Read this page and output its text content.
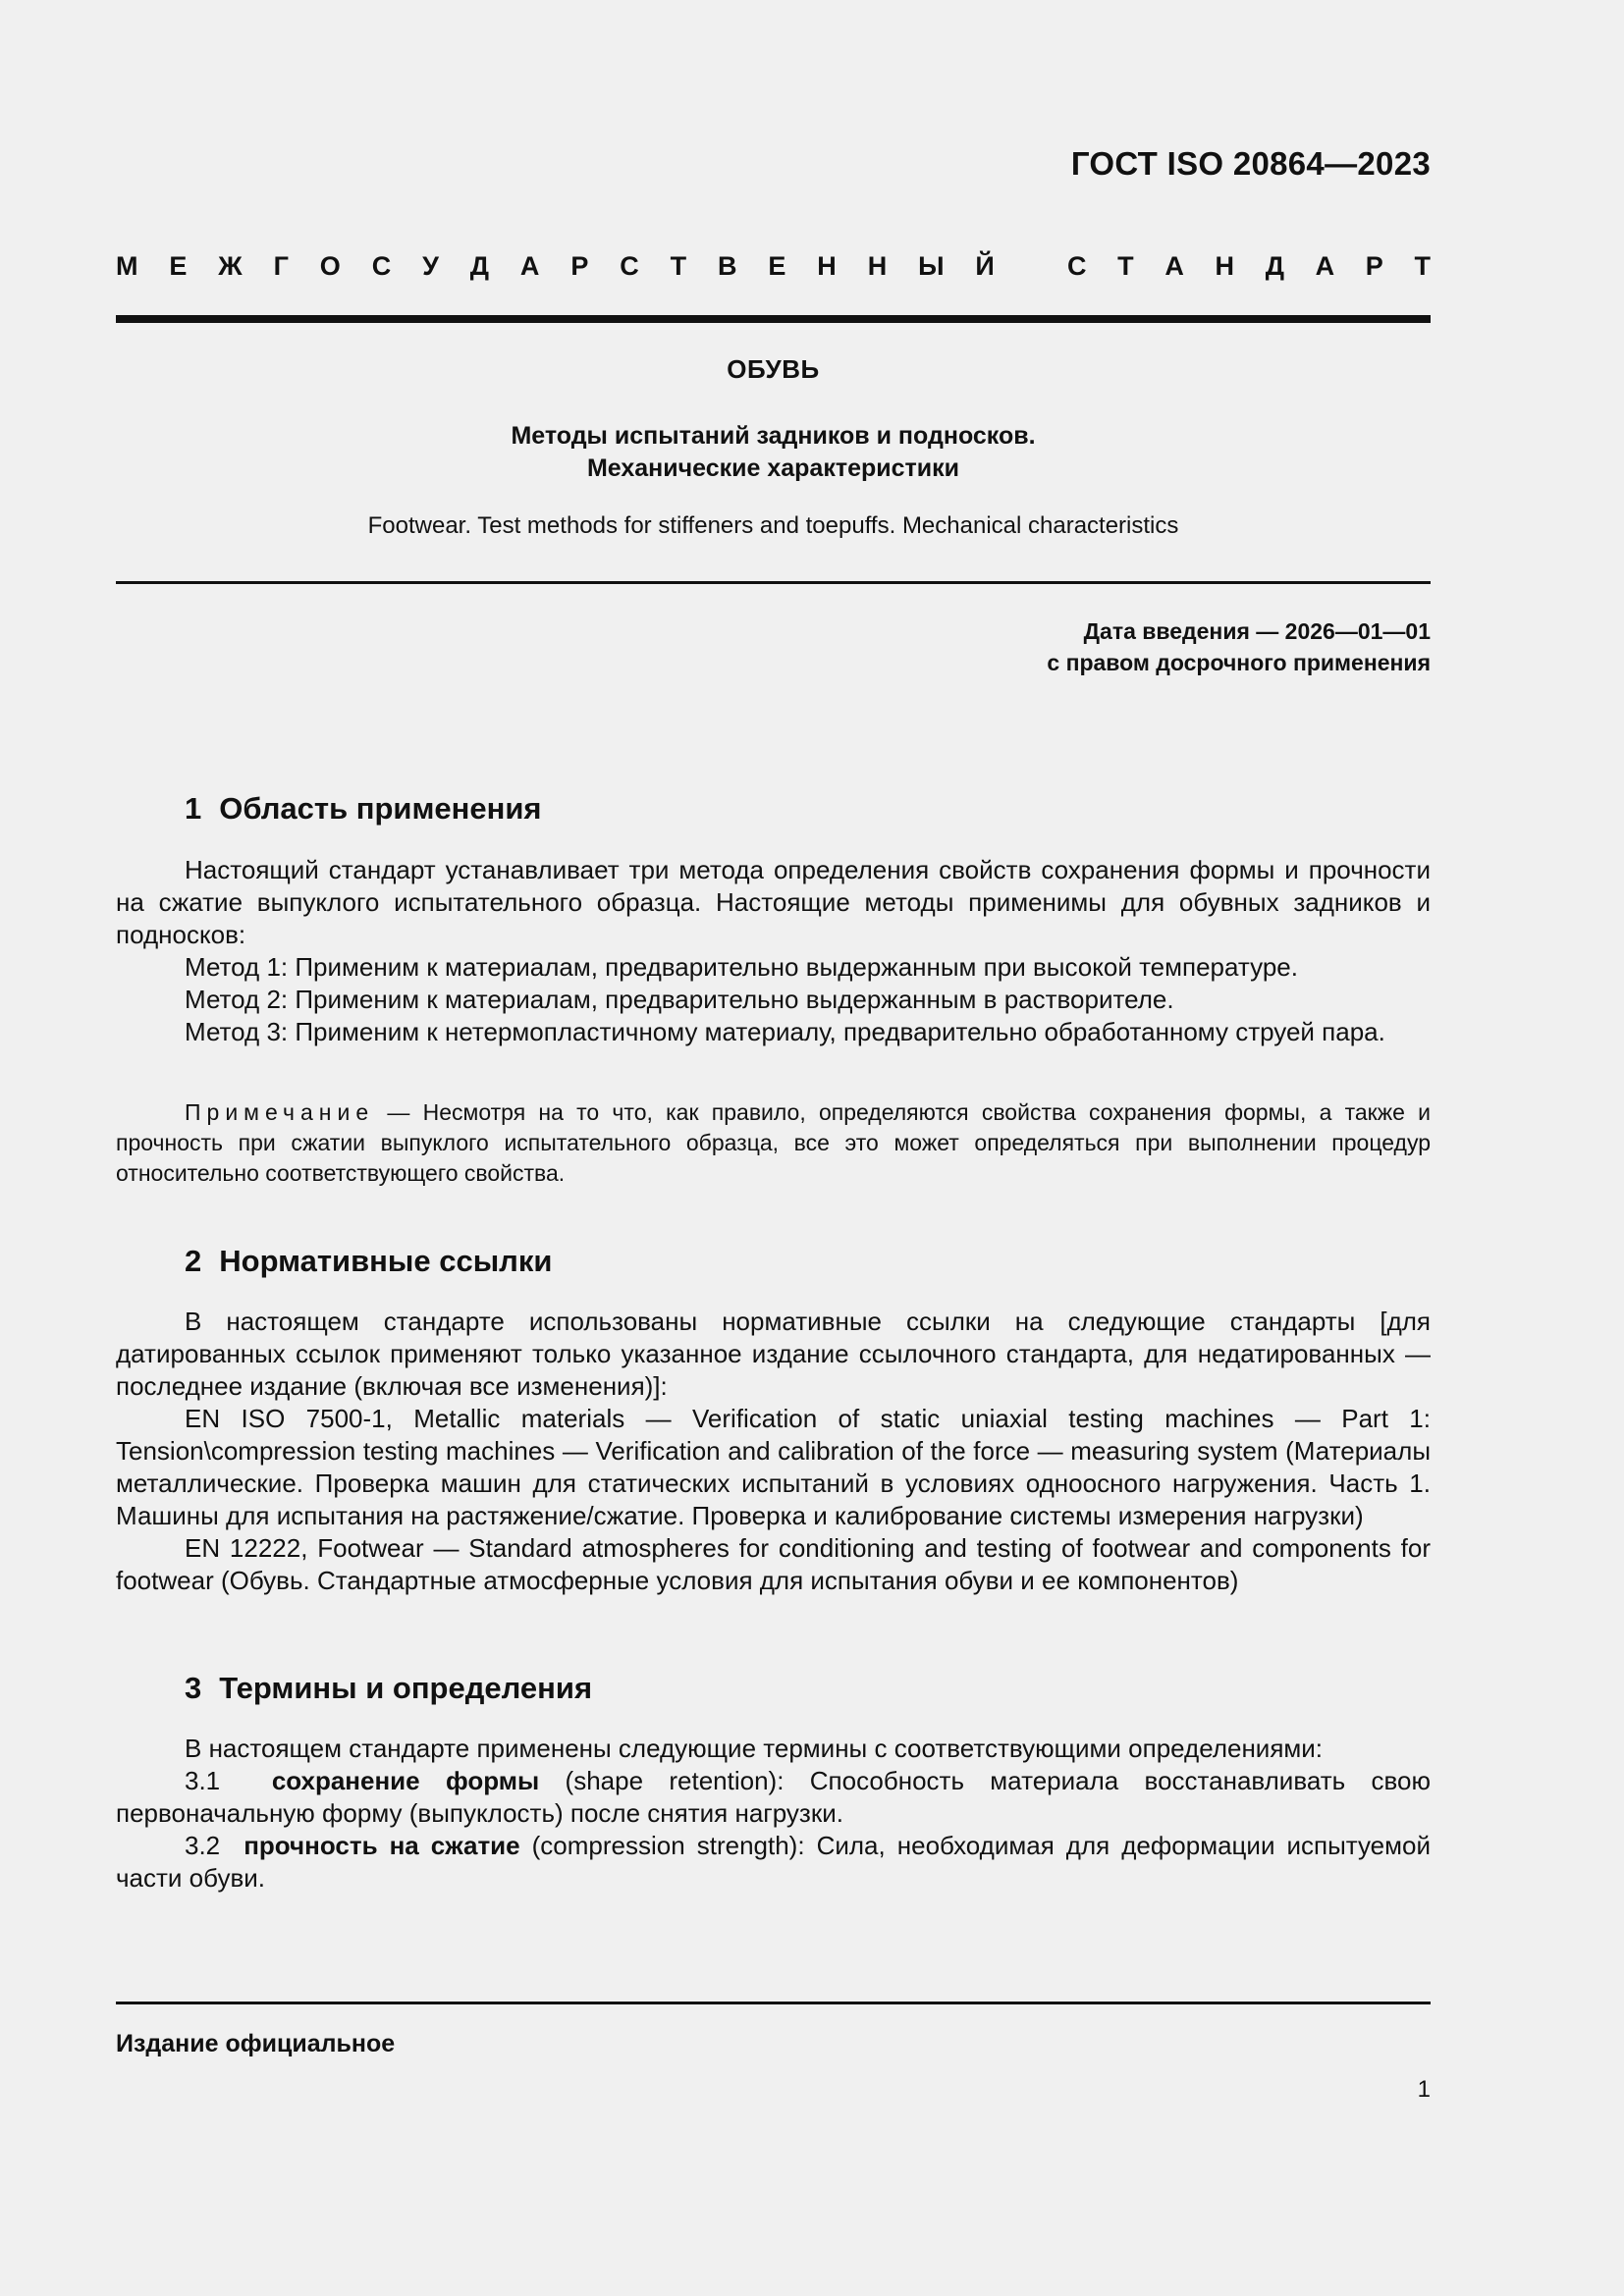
ГОСТ ISO 20864—2023
М Е Ж Г О С У Д А Р С Т В Е Н Н Ы Й	С Т А Н Д А Р Т
ОБУВЬ
Методы испытаний задников и подносков.
Механические характеристики
Footwear. Test methods for stiffeners and toepuffs. Mechanical characteristics
Дата введения — 2026—01—01
с правом досрочного применения
1 Область применения

Настоящий стандарт устанавливает три метода определения свойств сохранения формы и прочности на сжатие выпуклого испытательного образца. Настоящие методы применимы для обувных задников и подносков:

Метод 1: Применим к материалам, предварительно выдержанным при высокой температуре.

Метод 2: Применим к материалам, предварительно выдержанным в растворителе.

Метод 3: Применим к нетермопластичному материалу, предварительно обработанному струей пара.

Примечание — Несмотря на то что, как правило, определяются свойства сохранения формы, а также и прочность при сжатии выпуклого испытательного образца, все это может определяться при выполнении процедур относительно соответствующего свойства.
2 Нормативные ссылки

В настоящем стандарте использованы нормативные ссылки на следующие стандарты [для датированных ссылок применяют только указанное издание ссылочного стандарта, для недатированных — последнее издание (включая все изменения)]:

EN ISO 7500-1, Metallic materials — Verification of static uniaxial testing machines — Part 1: Tension\compression testing machines — Verification and calibration of the force — measuring system (Материалы металлические. Проверка машин для статических испытаний в условиях одноосного нагружения. Часть 1. Машины для испытания на растяжение/сжатие. Проверка и калибрование системы измерения нагрузки)

EN 12222, Footwear — Standard atmospheres for conditioning and testing of footwear and components for footwear (Обувь. Стандартные атмосферные условия для испытания обуви и ее компонентов)

3 Термины и определения

В настоящем стандарте применены следующие термины с соответствующими определениями:

3.1 сохранение формы (shape retention): Способность материала восстанавливать свою первоначальную форму (выпуклость) после снятия нагрузки.

3.2 прочность на сжатие (compression strength): Сила, необходимая для деформации испытуемой части обуви.

Издание официальное
1
